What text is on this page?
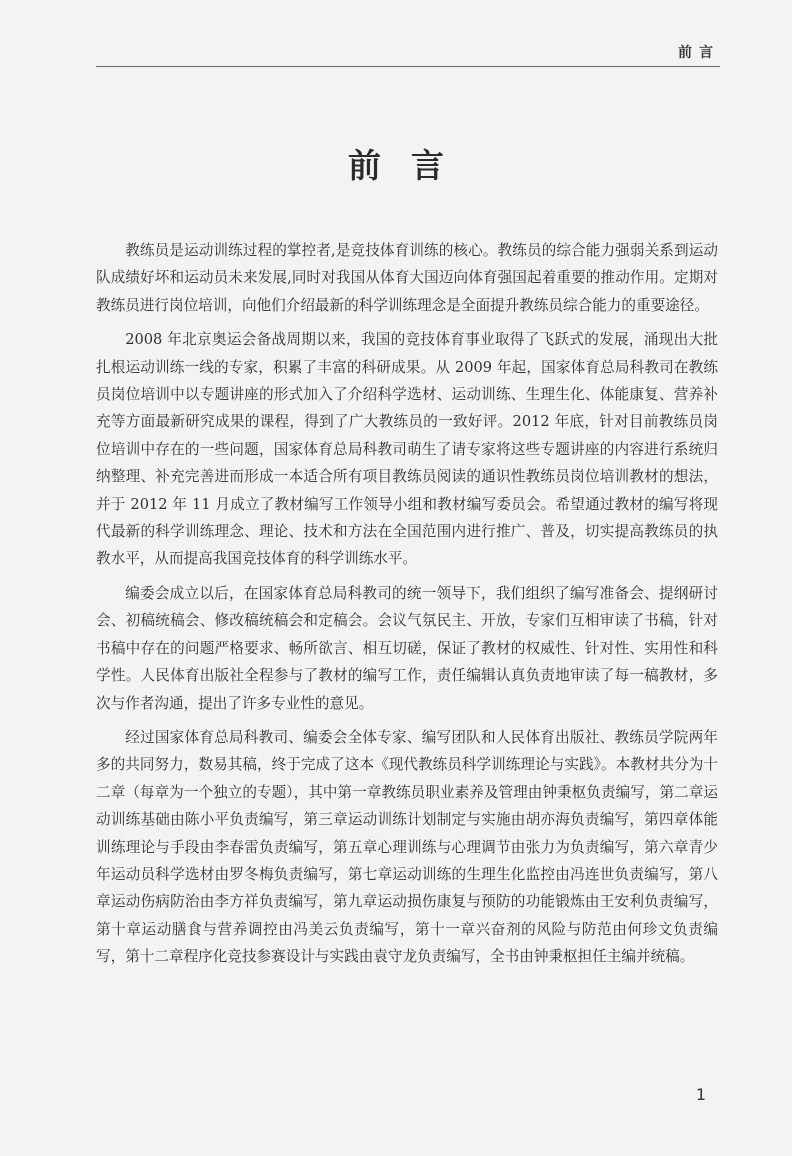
前言
前言

教练员是运动训练过程的掌控者,是竞技体育训练的核心。教练员的综合能力强弱关系到运动队成绩好坏和运动员未来发展,同时对我国从体育大国迈向体育强国起着重要的推动作用。定期对教练员进行岗位培训，向他们介绍最新的科学训练理念是全面提升教练员综合能力的重要途径。

2008 年北京奥运会备战周期以来，我国的竞技体育事业取得了飞跃式的发展，涌现出大批扎根运动训练一线的专家，积累了丰富的科研成果。从 2009 年起，国家体育总局科教司在教练员岗位培训中以专题讲座的形式加入了介绍科学选材、运动训练、生理生化、体能康复、营养补充等方面最新研究成果的课程，得到了广大教练员的一致好评。2012 年底，针对目前教练员岗位培训中存在的一些问题，国家体育总局科教司萌生了请专家将这些专题讲座的内容进行系统归纳整理、补充完善进而形成一本适合所有项目教练员阅读的通识性教练员岗位培训教材的想法，并于 2012 年 11 月成立了教材编写工作领导小组和教材编写委员会。希望通过教材的编写将现代最新的科学训练理念、理论、技术和方法在全国范围内进行推广、普及，切实提高教练员的执教水平，从而提高我国竞技体育的科学训练水平。

编委会成立以后，在国家体育总局科教司的统一领导下，我们组织了编写准备会、提纲研讨会、初稿统稿会、修改稿统稿会和定稿会。会议气氛民主、开放，专家们互相审读了书稿，针对书稿中存在的问题严格要求、畅所欲言、相互切磋，保证了教材的权威性、针对性、实用性和科学性。人民体育出版社全程参与了教材的编写工作，责任编辑认真负责地审读了每一稿教材，多次与作者沟通，提出了许多专业性的意见。

经过国家体育总局科教司、编委会全体专家、编写团队和人民体育出版社、教练员学院两年多的共同努力，数易其稿，终于完成了这本《现代教练员科学训练理论与实践》。本教材共分为十二章（每章为一个独立的专题），其中第一章教练员职业素养及管理由钟秉枢负责编写，第二章运动训练基础由陈小平负责编写，第三章运动训练计划制定与实施由胡亦海负责编写，第四章体能训练理论与手段由李春雷负责编写，第五章心理训练与心理调节由张力为负责编写，第六章青少年运动员科学选材由罗冬梅负责编写，第七章运动训练的生理生化监控由冯连世负责编写，第八章运动伤病防治由李方祥负责编写，第九章运动损伤康复与预防的功能锻炼由王安利负责编写，第十章运动膳食与营养调控由冯美云负责编写，第十一章兴奋剂的风险与防范由何珍文负责编写，第十二章程序化竞技参赛设计与实践由袁守龙负责编写，全书由钟秉枢担任主编并统稿。

1
